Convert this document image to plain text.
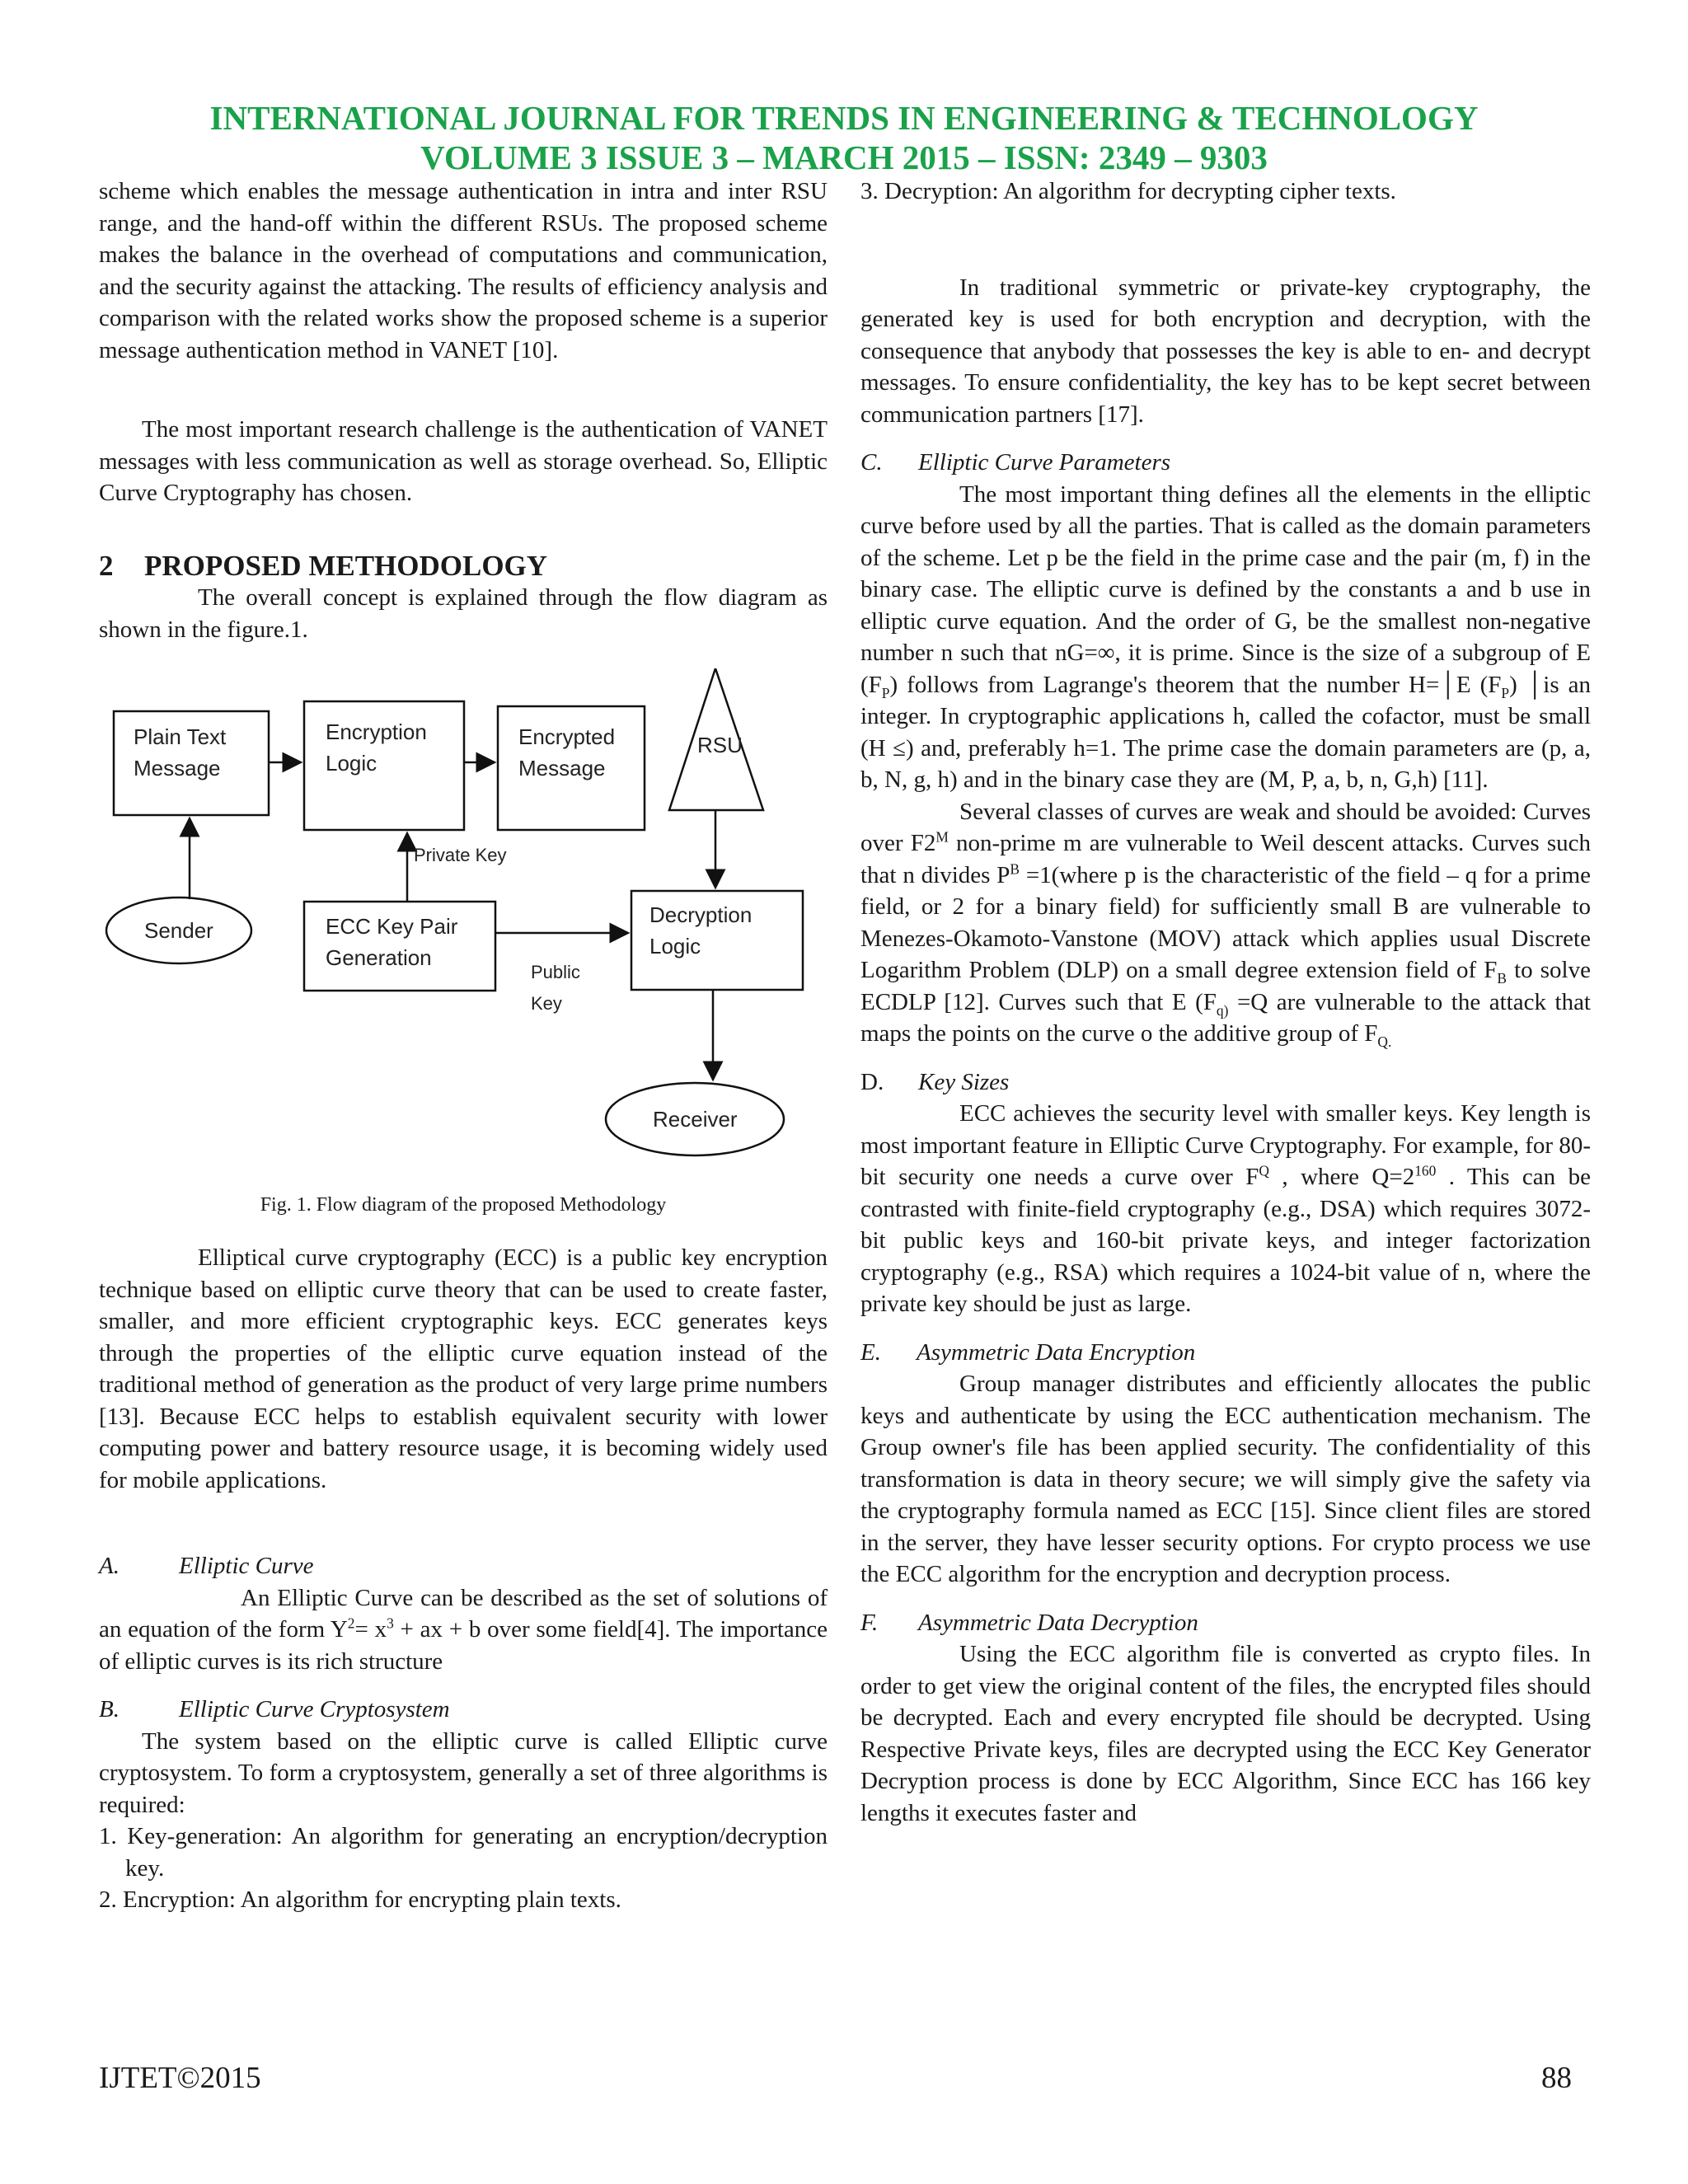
INTERNATIONAL JOURNAL FOR TRENDS IN ENGINEERING & TECHNOLOGY
VOLUME 3 ISSUE 3 – MARCH 2015 – ISSN: 2349 – 9303

scheme which enables the message authentication in intra and inter RSU range, and the hand-off within the different RSUs. The proposed scheme makes the balance in the overhead of computations and communication, and the security against the attacking. The results of efficiency analysis and comparison with the related works show the proposed scheme is a superior message authentication method in VANET [10].

The most important research challenge is the authentication of VANET messages with less communication as well as storage overhead. So, Elliptic Curve Cryptography has chosen.

2 PROPOSED METHODOLOGY

The overall concept is explained through the flow diagram as shown in the figure.1.

Plain Text
Message
Encryption
Logic
Encrypted
Message
RSU
Private Key
Sender	ECC Key Pair
Generation
Decryption
Logic
Public
Key
Receiver

Fig. 1. Flow diagram of the proposed Methodology

Elliptical curve cryptography (ECC) is a public key encryption technique based on elliptic curve theory that can be used to create faster, smaller, and more efficient cryptographic keys. ECC generates keys through the properties of the elliptic curve equation instead of the traditional method of generation as the product of very large prime numbers [13]. Because ECC helps to establish equivalent security with lower computing power and battery resource usage, it is becoming widely used for mobile applications.

A. Elliptic Curve

An Elliptic Curve can be described as the set of solutions of an equation of the form $Y^2= x^3$ + ax + b over some field[4]. The importance of elliptic curves is its rich structure

B. Elliptic Curve Cryptosystem

The system based on the elliptic curve is called Elliptic curve cryptosystem. To form a cryptosystem, generally a set of three algorithms is required:

1. Key-generation: An algorithm for generating an encryption/decryption key.

2. Encryption: An algorithm for encrypting plain texts.

3. Decryption: An algorithm for decrypting cipher texts.

In traditional symmetric or private-key cryptography, the generated key is used for both encryption and decryption, with the consequence that anybody that possesses the key is able to en- and decrypt messages. To ensure confidentiality, the key has to be kept secret between communication partners [17].

C. Elliptic Curve Parameters

The most important thing defines all the elements in the elliptic curve before used by all the parties. That is called as the domain parameters of the scheme. Let p be the field in the prime case and the pair (m, f) in the binary case. The elliptic curve is defined by the constants a and b use in elliptic curve equation. And the order of G, be the smallest non-negative number n such that nG=∞, it is prime. Since is the size of a subgroup of E $(F_P)$ follows from Lagrange's theorem that the number H=│E $(F_P)$ │is an integer. In cryptographic applications h, called the cofactor, must be small (H ≤) and, preferably h=1. The prime case the domain parameters are (p, a, b, N, g, h) and in the binary case they are (M, P, a, b, n, G,h) [11].

Several classes of curves are weak and should be avoided: Curves over $F2^M$ non-prime m are vulnerable to Weil descent attacks. Curves such that n divides $P^B$ =1(where p is the characteristic of the field – q for a prime field, or 2 for a binary field) for sufficiently small B are vulnerable to Menezes-Okamoto-Vanstone (MOV) attack which applies usual Discrete Logarithm Problem (DLP) on a small degree extension field of $F_B$ to solve ECDLP [12]. Curves such that E ($F_{q)} =Q$ are vulnerable to the attack that maps the points on the curve o the additive group of $F_{Q.}$

D. Key Sizes

ECC achieves the security level with smaller keys. Key length is most important feature in Elliptic Curve Cryptography. For example, for 80-bit security one needs a curve over $F^Q$ , where $Q=2^{160}$ . This can be contrasted with finite-field cryptography (e.g., DSA) which requires 3072-bit public keys and 160-bit private keys, and integer factorization cryptography (e.g., RSA) which requires a 1024-bit value of n, where the private key should be just as large.

E. Asymmetric Data Encryption

Group manager distributes and efficiently allocates the public keys and authenticate by using the ECC authentication mechanism. The Group owner's file has been applied security. The confidentiality of this transformation is data in theory secure; we will simply give the safety via the cryptography formula named as ECC [15]. Since client files are stored in the server, they have lesser security options. For crypto process we use the ECC algorithm for the encryption and decryption process.

F. Asymmetric Data Decryption

Using the ECC algorithm file is converted as crypto files. In order to get view the original content of the files, the encrypted files should be decrypted. Each and every encrypted file should be decrypted. Using Respective Private keys, files are decrypted using the ECC Key Generator Decryption process is done by ECC Algorithm, Since ECC has 166 key lengths it executes faster and

IJTET©2015	88
